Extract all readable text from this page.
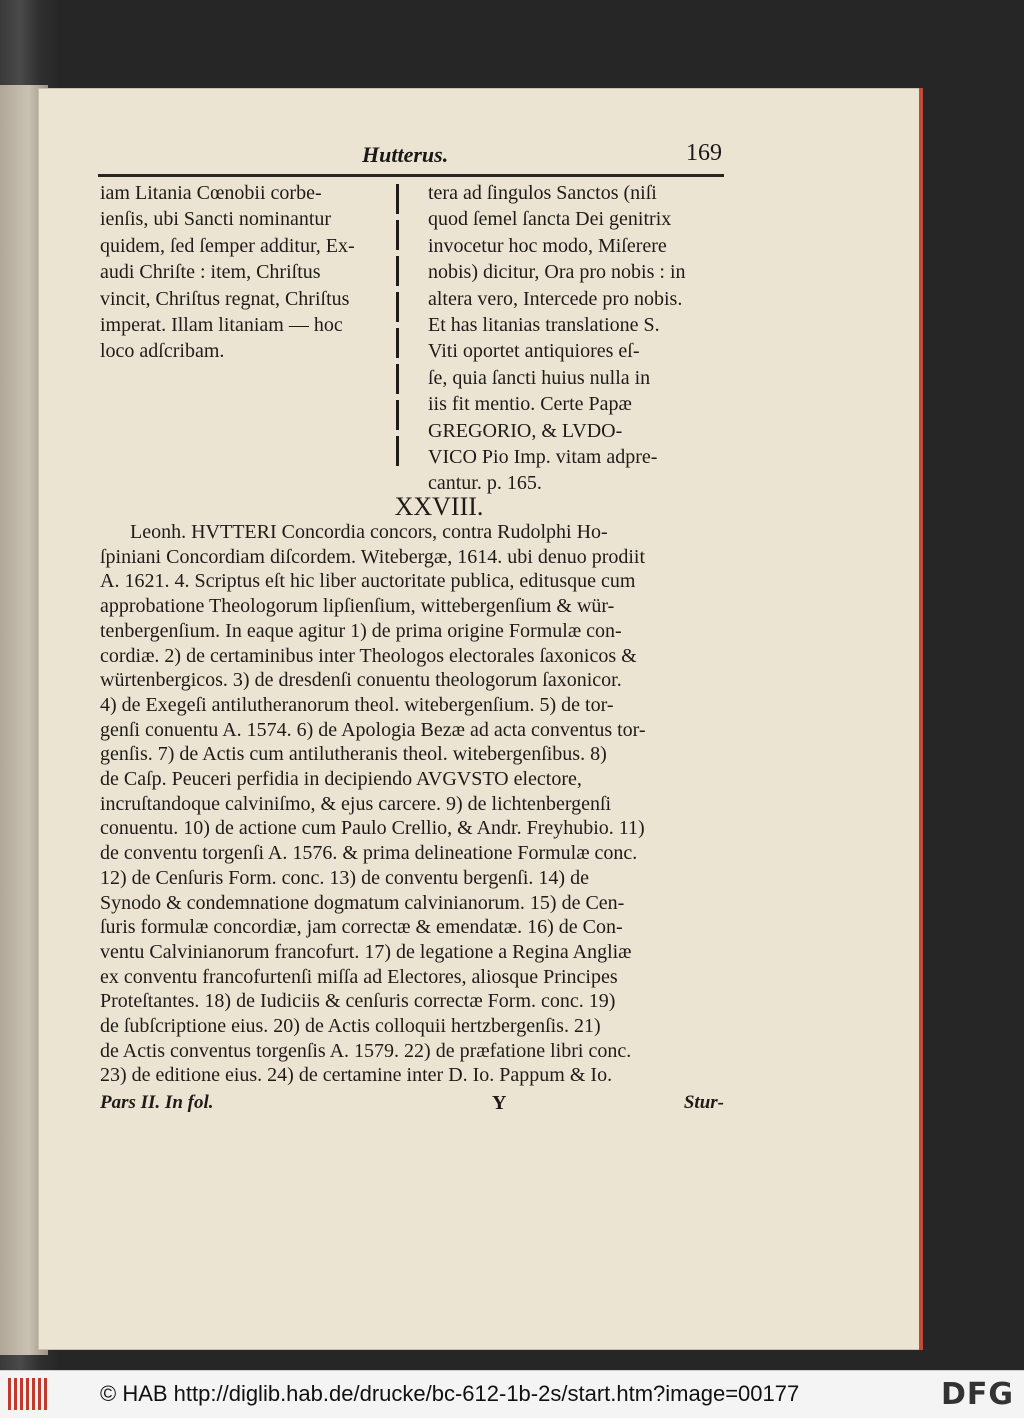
Hutterus.	169
iam Litania Cœnobii corbe-
ienſis, ubi Sancti nominantur
quidem, ſed ſemper additur, Ex-
audi Chriſte : item, Chriſtus
vincit, Chriſtus regnat, Chriſtus
imperat. Illam litaniam — hoc
loco adſcribam.
tera ad ſingulos Sanctos (niſi
quod ſemel ſancta Dei genitrix
invocetur hoc modo, Miſerere
nobis) dicitur, Ora pro nobis : in
altera vero, Intercede pro nobis.
Et has litanias translatione S.
Viti oportet antiquiores eſ-
ſe, quia ſancti huius nulla in
iis fit mentio. Certe Papæ
GREGORIO, & LVDO-
VICO Pio Imp. vitam adpre-
cantur. p. 165.
XXVIII.
Leonh. HVTTERI Concordia concors, contra Rudolphi Ho-
ſpiniani Concordiam diſcordem. Witebergæ, 1614. ubi denuo prodiit
A. 1621. 4. Scriptus eſt hic liber auctoritate publica, editusque cum
approbatione Theologorum lipſienſium, wittebergenſium & wür-
tenbergenſium. In eaque agitur 1) de prima origine Formulæ con-
cordiæ. 2) de certaminibus inter Theologos electorales ſaxonicos &
würtenbergicos. 3) de dresdenſi conuentu theologorum ſaxonicor.
4) de Exegeſi antilutheranorum theol. witebergenſium. 5) de tor-
genſi conuentu A. 1574. 6) de Apologia Bezæ ad acta conventus tor-
genſis. 7) de Actis cum antilutheranis theol. witebergenſibus. 8)
de Caſp. Peuceri perfidia in decipiendo AVGVSTO electore,
incruſtandoque calviniſmo, & ejus carcere. 9) de lichtenbergenſi
conuentu. 10) de actione cum Paulo Crellio, & Andr. Freyhubio. 11)
de conventu torgenſi A. 1576. & prima delineatione Formulæ conc.
12) de Cenſuris Form. conc. 13) de conventu bergenſi. 14) de
Synodo & condemnatione dogmatum calvinianorum. 15) de Cen-
ſuris formulæ concordiæ, jam correctæ & emendatæ. 16) de Con-
ventu Calvinianorum francofurt. 17) de legatione a Regina Angliæ
ex conventu francofurtenſi miſſa ad Electores, aliosque Principes
Proteſtantes. 18) de Iudiciis & cenſuris correctæ Form. conc. 19)
de ſubſcriptione eius. 20) de Actis colloquii hertzbergenſis. 21)
de Actis conventus torgenſis A. 1579. 22) de præfatione libri conc.
23) de editione eius. 24) de certamine inter D. Io. Pappum & Io.
Pars II. In fol.	Y	Stur-
© HAB http://diglib.hab.de/drucke/bc-612-1b-2s/start.htm?image=00177	DFG
